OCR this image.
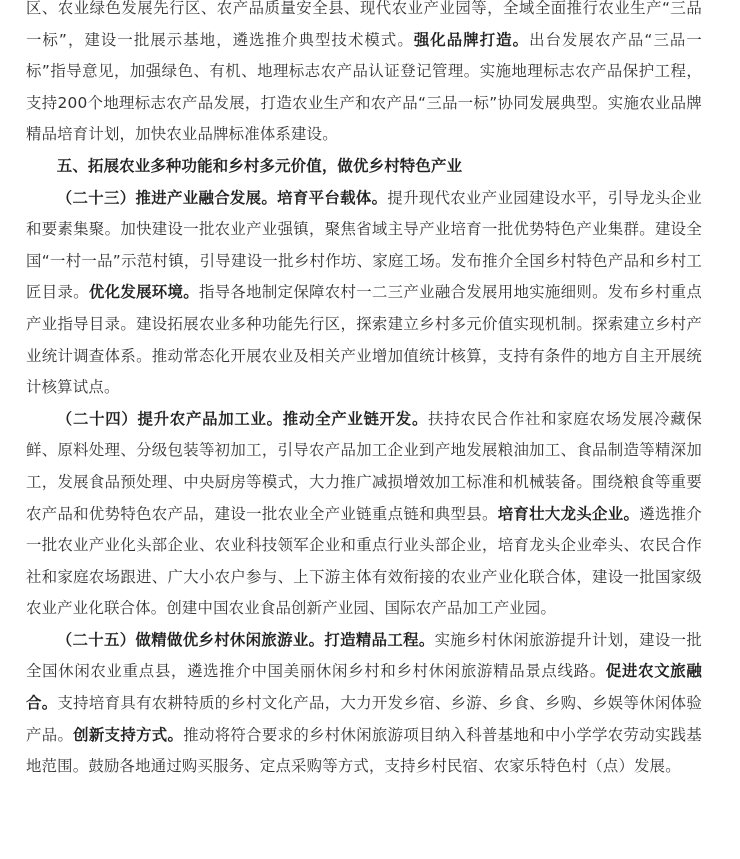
区、农业绿色发展先行区、农产品质量安全县、现代农业产业园等，全域全面推行农业生产“三品一标”，建设一批展示基地，遴选推介典型技术模式。强化品牌打造。出台发展农产品“三品一标”指导意见，加强绿色、有机、地理标志农产品认证登记管理。实施地理标志农产品保护工程，支持200个地理标志农产品发展，打造农业生产和农产品“三品一标”协同发展典型。实施农业品牌精品培育计划，加快农业品牌标准体系建设。

五、拓展农业多种功能和乡村多元价值，做优乡村特色产业

（二十三）推进产业融合发展。培育平台载体。提升现代农业产业园建设水平，引导龙头企业和要素集聚。加快建设一批农业产业强镇，聚焦省域主导产业培育一批优势特色产业集群。建设全国“一村一品”示范村镇，引导建设一批乡村作坊、家庭工场。发布推介全国乡村特色产品和乡村工匠目录。优化发展环境。指导各地制定保障农村一二三产业融合发展用地实施细则。发布乡村重点产业指导目录。建设拓展农业多种功能先行区，探索建立乡村多元价值实现机制。探索建立乡村产业统计调查体系。推动常态化开展农业及相关产业增加值统计核算，支持有条件的地方自主开展统计核算试点。

（二十四）提升农产品加工业。推动全产业链开发。扶持农民合作社和家庭农场发展冷藏保鲜、原料处理、分级包装等初加工，引导农产品加工企业到产地发展粮油加工、食品制造等精深加工，发展食品预处理、中央厨房等模式，大力推广减损增效加工标准和机械装备。围绕粮食等重要农产品和优势特色农产品，建设一批农业全产业链重点链和典型县。培育壮大龙头企业。遴选推介一批农业产业化头部企业、农业科技领军企业和重点行业头部企业，培育龙头企业牵头、农民合作社和家庭农场跟进、广大小农户参与、上下游主体有效衔接的农业产业化联合体，建设一批国家级农业产业化联合体。创建中国农业食品创新产业园、国际农产品加工产业园。

（二十五）做精做优乡村休闲旅游业。打造精品工程。实施乡村休闲旅游提升计划，建设一批全国休闲农业重点县，遴选推介中国美丽休闲乡村和乡村休闲旅游精品景点线路。促进农文旅融合。支持培育具有农耕特质的乡村文化产品，大力开发乡宿、乡游、乡食、乡购、乡娱等休闲体验产品。创新支持方式。推动将符合要求的乡村休闲旅游项目纳入科普基地和中小学学农劳动实践基地范围。鼓励各地通过购买服务、定点采购等方式，支持乡村民宿、农家乐特色村（点）发展。
